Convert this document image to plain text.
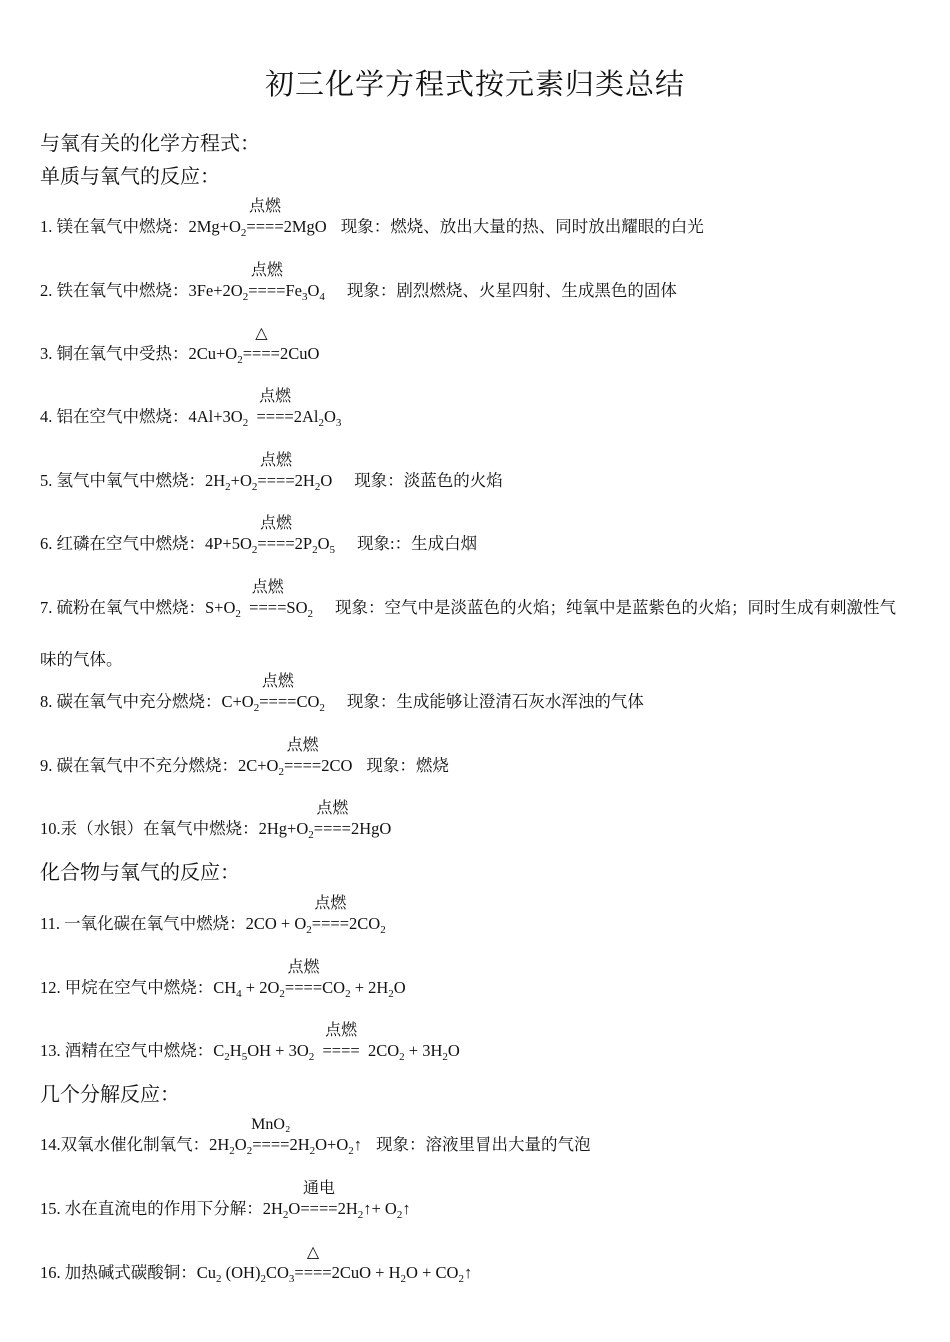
初三化学方程式按元素归类总结
与氧有关的化学方程式：
单质与氧气的反应：
1. 镁在氧气中燃烧：$2Mg+O_2$
点燃
====2MgO 现象：燃烧、放出大量的热、同时放出耀眼的白光
2. 铁在氧气中燃烧：$3Fe+2O_2$
点燃
$====Fe_3O_4$ 现象：剧烈燃烧、火星四射、生成黑色的固体
3. 铜在氧气中受热：$2Cu+O_2$
△
====2CuO
4. 铝在空气中燃烧：$4Al+3O_2$
点燃
$====2Al_2O_3$
5. 氢气中氧气中燃烧：$2H_2+O_2$
点燃
$====2H_2O$ 现象：淡蓝色的火焰
6. 红磷在空气中燃烧：$4P+5O_2$
点燃
$====2P_2O_5$ 现象:：生成白烟
7. 硫粉在氧气中燃烧：$S+O_2$
点燃
$====SO_2$ 现象：空气中是淡蓝色的火焰；纯氧中是蓝紫色的火焰；同时生成有刺激性气味的气体。
8. 碳在氧气中充分燃烧：$C+O_2$
点燃
$====CO_2$ 现象：生成能够让澄清石灰水浑浊的气体
9. 碳在氧气中不充分燃烧：$2C+O_2$
点燃
====2CO 现象：燃烧
10.汞（水银）在氧气中燃烧：$2Hg+O_2$
点燃
====2HgO
化合物与氧气的反应：
11. 一氧化碳在氧气中燃烧：$2CO + O_2$
点燃
$====2CO_2$
12. 甲烷在空气中燃烧：$CH_4 + 2O_2$
点燃
$====CO_2 + 2H_2O$
13. 酒精在空气中燃烧：$C_2H_5OH + 3O_2$
点燃
====  $2CO_2 + 3H_2O$
几个分解反应：
14.双氧水催化制氧气：$2H_2O_2$
MnO₂
$====2H_2O+O_2↑$ 现象：溶液里冒出大量的气泡
15. 水在直流电的作用下分解：$2H_2O$
通电
$====2H_2↑+$ $O_2↑$
16. 加热碱式碳酸铜：$Cu_2$ $(OH)_2CO_3$
△
$====2CuO + H_2O$ + $CO_2↑$
